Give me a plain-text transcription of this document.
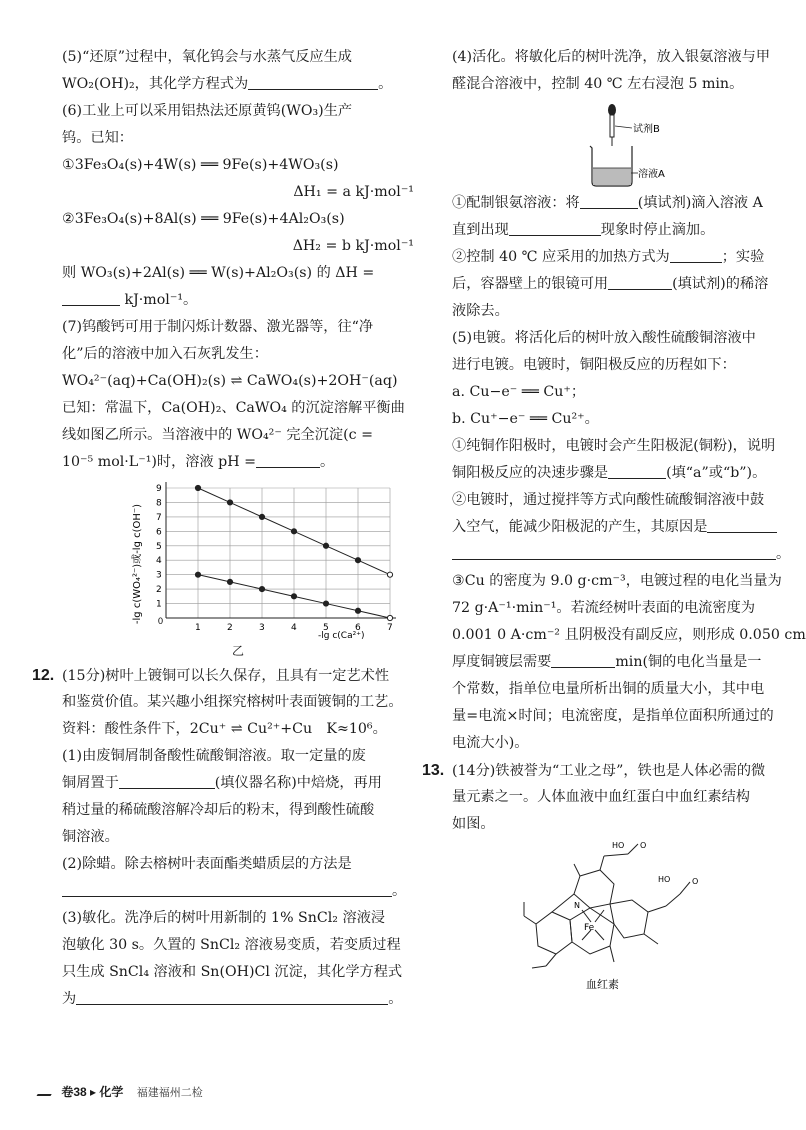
(5)“还原”过程中，氧化钨会与水蒸气反应生成
WO₂(OH)₂，其化学方程式为	。
(6)工业上可以采用铝热法还原黄钨(WO₃)生产
钨。已知：
①3Fe₃O₄(s)+4W(s) ══ 9Fe(s)+4WO₃(s)
ΔH₁ = a kJ·mol⁻¹
②3Fe₃O₄(s)+8Al(s) ══ 9Fe(s)+4Al₂O₃(s)
ΔH₂ = b kJ·mol⁻¹
则 WO₃(s)+2Al(s) ══ W(s)+Al₂O₃(s) 的 ΔH =
kJ·mol⁻¹。
(7)钨酸钙可用于制闪烁计数器、激光器等，往“净
化”后的溶液中加入石灰乳发生：
WO₄²⁻(aq)+Ca(OH)₂(s) ⇌ CaWO₄(s)+2OH⁻(aq)
已知：常温下，Ca(OH)₂、CaWO₄ 的沉淀溶解平衡曲
线如图乙所示。当溶液中的 WO₄²⁻ 完全沉淀(c =
10⁻⁵ mol·L⁻¹)时，溶液 pH =	。
1	2	3	4	5	6	7
1
2
3
4
5
6
7
8
9
-lg c(WO₄²⁻)或-lg c(OH⁻)
-lg c(Ca²⁺)
0
乙
12. (15分)树叶上镀铜可以长久保存，且具有一定艺术性
和鉴赏价值。某兴趣小组探究榕树叶表面镀铜的工艺。
资料：酸性条件下，2Cu⁺ ⇌ Cu²⁺+Cu　K≈10⁶。
(1)由废铜屑制备酸性硫酸铜溶液。取一定量的废
铜屑置于	(填仪器名称)中焙烧，再用
稍过量的稀硫酸溶解冷却后的粉末，得到酸性硫酸
铜溶液。
(2)除蜡。除去榕树叶表面酯类蜡质层的方法是
。
(3)敏化。洗净后的树叶用新制的 1% SnCl₂ 溶液浸
泡敏化 30 s。久置的 SnCl₂ 溶液易变质，若变质过程
只生成 SnCl₄ 溶液和 Sn(OH)Cl 沉淀，其化学方程式
为	。
(4)活化。将敏化后的树叶洗净，放入银氨溶液与甲
醛混合溶液中，控制 40 ℃ 左右浸泡 5 min。
试剂B
溶液A
①配制银氨溶液：将	(填试剂)滴入溶液 A
直到出现	现象时停止滴加。
②控制 40 ℃ 应采用的加热方式为	；实验
后，容器壁上的银镜可用	(填试剂)的稀溶
液除去。
(5)电镀。将活化后的树叶放入酸性硫酸铜溶液中
进行电镀。电镀时，铜阳极反应的历程如下：
a. Cu−e⁻ ══ Cu⁺；
b. Cu⁺−e⁻ ══ Cu²⁺。
①纯铜作阳极时，电镀时会产生阳极泥(铜粉)，说明
铜阳极反应的决速步骤是	(填“a”或“b”)。
②电镀时，通过搅拌等方式向酸性硫酸铜溶液中鼓
入空气，能减少阳极泥的产生，其原因是
。
③Cu 的密度为 9.0 g·cm⁻³，电镀过程的电化当量为
72 g·A⁻¹·min⁻¹。若流经树叶表面的电流密度为
0.001 0 A·cm⁻² 且阴极没有副反应，则形成 0.050 cm
厚度铜镀层需要	min(铜的电化当量是一
个常数，指单位电量所析出铜的质量大小，其中电
量=电流×时间；电流密度，是指单位面积所通过的
电流大小)。
13. (14分)铁被誉为“工业之母”，铁也是人体必需的微
量元素之一。人体血液中血红蛋白中血红素结构
如图。
Fe
N
HO O
HO	O
血红素
卷38 ▸ 化学 福建福州二检
